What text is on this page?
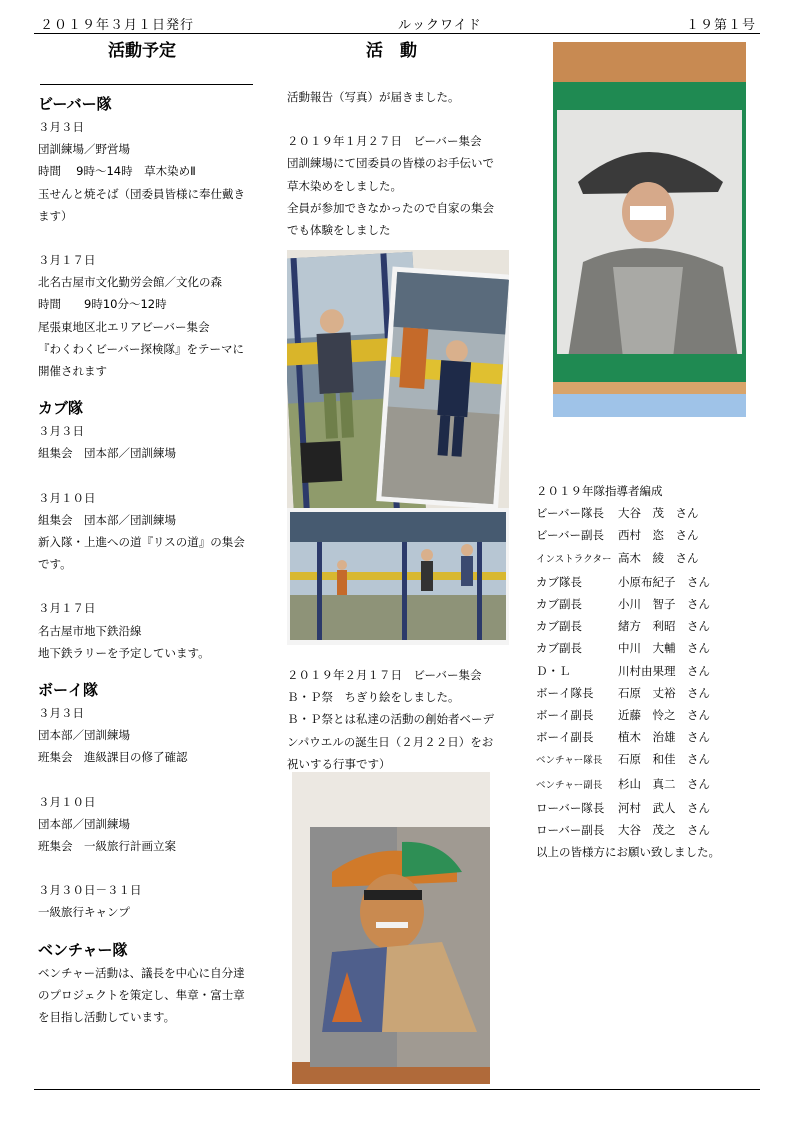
２０１９年３月１日発行	ルックワイド	１９第１号
活動予定	活　動

ビーバー隊

３月３日

団訓練場／野営場

時間　 9時～14時　草木染めⅡ

玉せんと焼そば（団委員皆様に奉仕戴き

ます）

３月１７日

北名古屋市文化勤労会館／文化の森

時間　　9時10分～12時

尾張東地区北エリアビーバー集会

『わくわくビーバー探検隊』をテーマに

開催されます

カブ隊

３月３日

組集会　団本部／団訓練場

３月１０日

組集会　団本部／団訓練場

新入隊・上進への道『リスの道』の集会

です。

３月１７日

名古屋市地下鉄沿線

地下鉄ラリーを予定しています。

ボーイ隊

３月３日

団本部／団訓練場

班集会　進級課目の修了確認

３月１０日

団本部／団訓練場

班集会　一級旅行計画立案

３月３０日－３１日

一級旅行キャンプ

ベンチャー隊

ベンチャー活動は、議長を中心に自分達

のプロジェクトを策定し、隼章・富士章

を目指し活動しています。

活動報告（写真）が届きました。

２０１９年１月２７日　ビーバー集会

団訓練場にて団委員の皆様のお手伝いで

草木染めをしました。

全員が参加できなかったので自家の集会

でも体験をしました

２０１９年２月１７日　ビーバー集会

Ｂ・Ｐ祭　ちぎり絵をしました。

Ｂ・Ｐ祭とは私達の活動の創始者ベーデ

ンパウエルの誕生日（２月２２日）をお

祝いする行事です）

２０１９年隊指導者編成

ビーバー隊長 大谷　茂　さん

ビーバー副長 西村　恣　さん

インストラクター 高木　綾　さん

カブ隊長	小原布紀子　さん

カブ副長	小川　智子　さん

カブ副長	緒方　利昭　さん

カブ副長	中川　大輔　さん

Ｄ・Ｌ	川村由果理　さん

ボーイ隊長 石原　丈裕　さん

ボーイ副長 近藤　怜之　さん

ボーイ副長 植木　治雄　さん

ベンチャー隊長 石原　和佳　さん

ベンチャー副長 杉山　真二　さん

ローバー隊長 河村　武人　さん

ローバー副長 大谷　茂之　さん

以上の皆様方にお願い致しました。
